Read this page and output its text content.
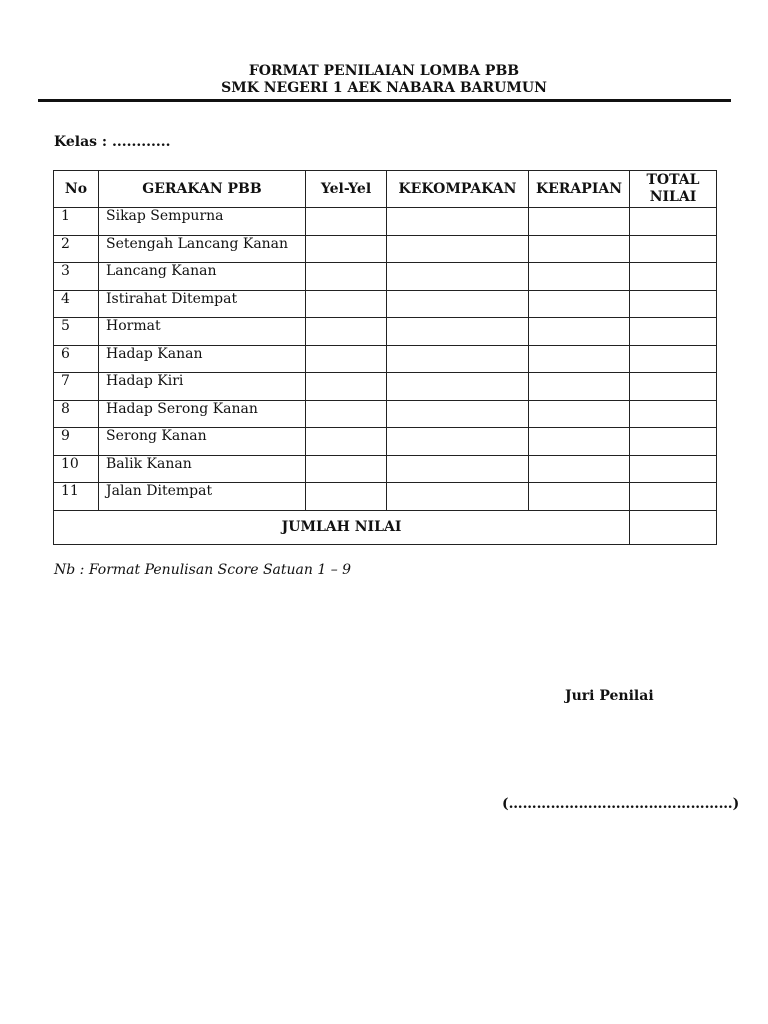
FORMAT PENILAIAN LOMBA PBB
SMK NEGERI 1 AEK NABARA BARUMUN
Kelas : ............
No	GERAKAN PBB	Yel-Yel	KEKOMPAKAN	KERAPIAN	TOTAL NILAI
1	Sikap Sempurna				
2	Setengah Lancang Kanan				
3	Lancang Kanan				
4	Istirahat Ditempat				
5	Hormat				
6	Hadap Kanan				
7	Hadap Kiri				
8	Hadap Serong Kanan				
9	Serong Kanan				
10	Balik Kanan				
11	Jalan Ditempat				
JUMLAH NILAI					
Nb : Format Penulisan Score Satuan 1 – 9
Juri Penilai
(…………………………………………)
